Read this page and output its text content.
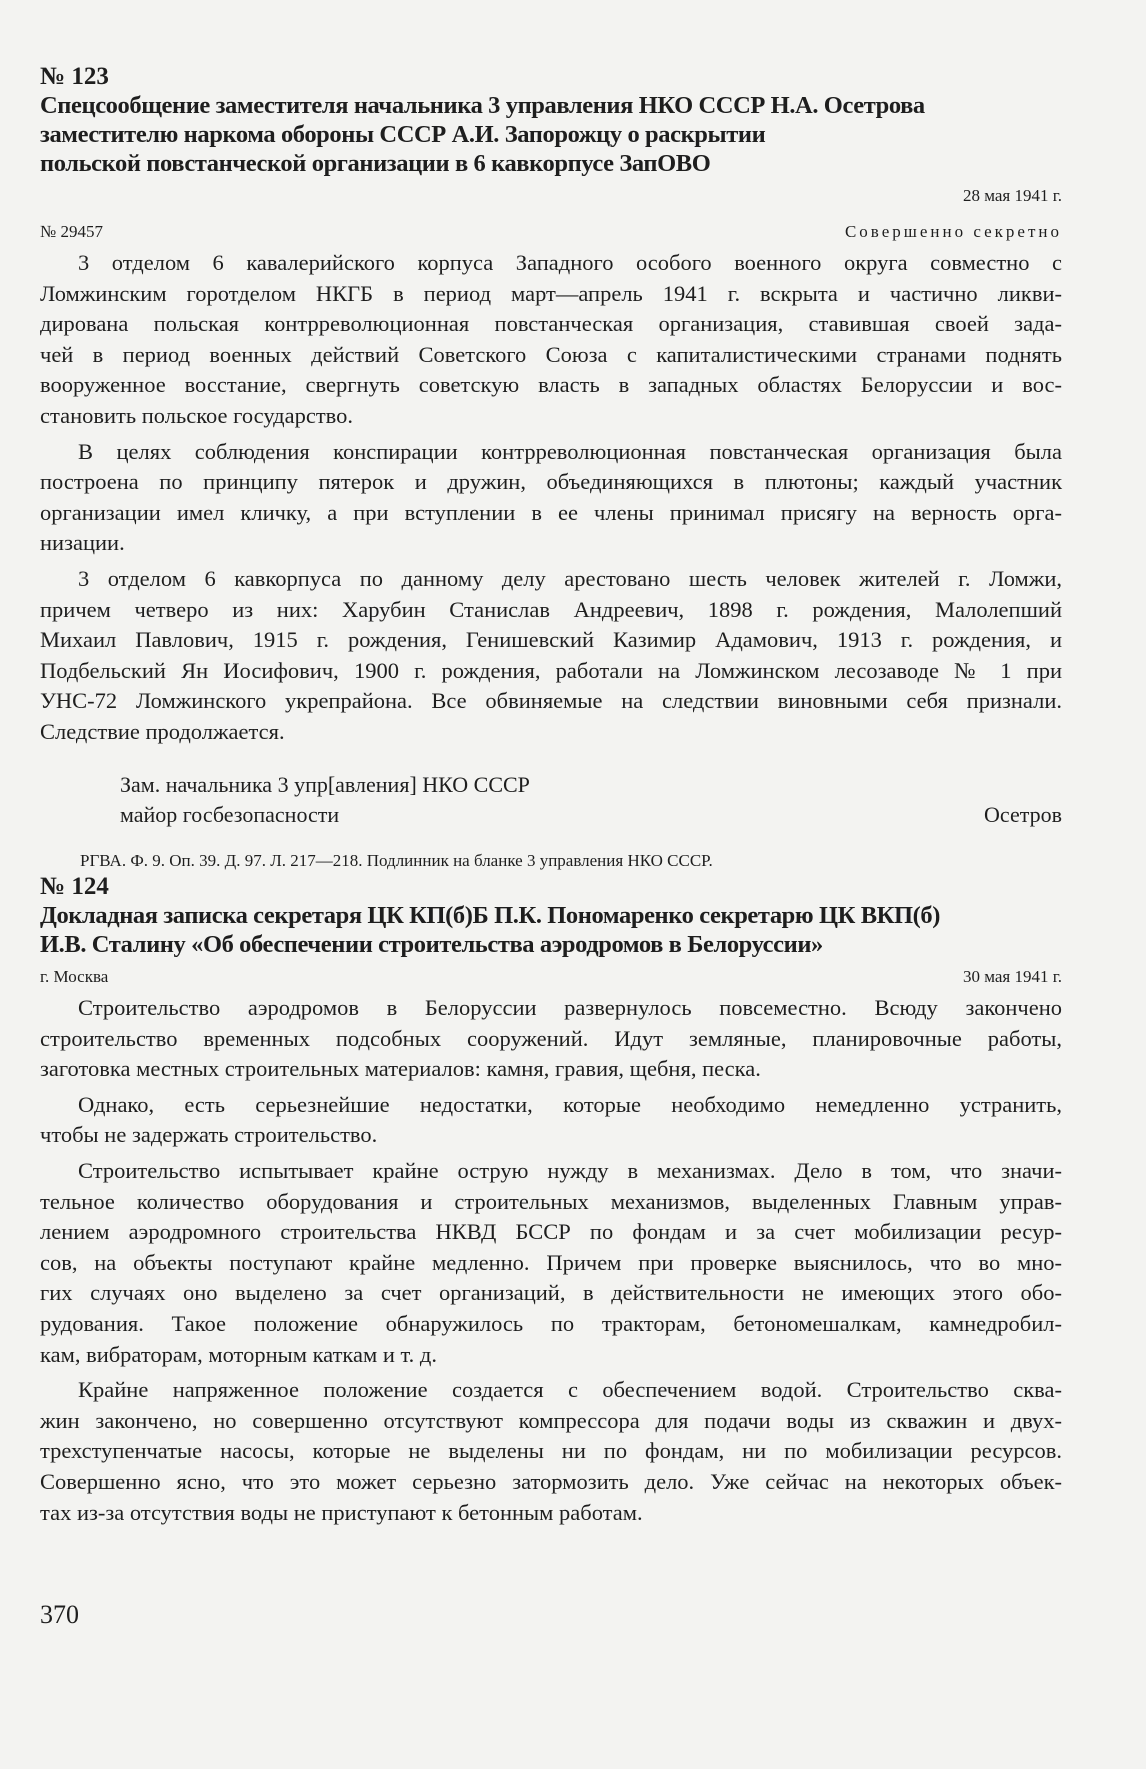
№ 123
Спецсообщение заместителя начальника 3 управления НКО СССР Н.А. Осетрова
заместителю наркома обороны СССР А.И. Запорожцу о раскрытии
польской повстанческой организации в 6 кавкорпусе ЗапОВО
28 мая 1941 г.
№ 29457	Совершенно секретно
3 отделом 6 кавалерийского корпуса Западного особого военного округа совместно с
Ломжинским горотделом НКГБ в период март—апрель 1941 г. вскрыта и частично ликви-
дирована польская контрреволюционная повстанческая организация, ставившая своей зада-
чей в период военных действий Советского Союза с капиталистическими странами поднять
вооруженное восстание, свергнуть советскую власть в западных областях Белоруссии и вос-
становить польское государство.
В целях соблюдения конспирации контрреволюционная повстанческая организация была
построена по принципу пятерок и дружин, объединяющихся в плютоны; каждый участник
организации имел кличку, а при вступлении в ее члены принимал присягу на верность орга-
низации.
3 отделом 6 кавкорпуса по данному делу арестовано шесть человек жителей г. Ломжи,
причем четверо из них: Харубин Станислав Андреевич, 1898 г. рождения, Малолепший
Михаил Павлович, 1915 г. рождения, Генишевский Казимир Адамович, 1913 г. рождения, и
Подбельский Ян Иосифович, 1900 г. рождения, работали на Ломжинском лесозаводе № 1 при
УНС-72 Ломжинского укрепрайона. Все обвиняемые на следствии виновными себя признали.
Следствие продолжается.
Зам. начальника 3 упр[авления] НКО СССР
майор госбезопасности	Осетров
РГВА. Ф. 9. Оп. 39. Д. 97. Л. 217—218. Подлинник на бланке 3 управления НКО СССР.
№ 124
Докладная записка секретаря ЦК КП(б)Б П.К. Пономаренко секретарю ЦК ВКП(б)
И.В. Сталину «Об обеспечении строительства аэродромов в Белоруссии»
г. Москва	30 мая 1941 г.
Строительство аэродромов в Белоруссии развернулось повсеместно. Всюду закончено
строительство временных подсобных сооружений. Идут земляные, планировочные работы,
заготовка местных строительных материалов: камня, гравия, щебня, песка.
Однако, есть серьезнейшие недостатки, которые необходимо немедленно устранить,
чтобы не задержать строительство.
Строительство испытывает крайне острую нужду в механизмах. Дело в том, что значи-
тельное количество оборудования и строительных механизмов, выделенных Главным управ-
лением аэродромного строительства НКВД БССР по фондам и за счет мобилизации ресур-
сов, на объекты поступают крайне медленно. Причем при проверке выяснилось, что во мно-
гих случаях оно выделено за счет организаций, в действительности не имеющих этого обо-
рудования. Такое положение обнаружилось по тракторам, бетономешалкам, камнедробил-
кам, вибраторам, моторным каткам и т. д.
Крайне напряженное положение создается с обеспечением водой. Строительство сква-
жин закончено, но совершенно отсутствуют компрессора для подачи воды из скважин и двух-
трехступенчатые насосы, которые не выделены ни по фондам, ни по мобилизации ресурсов.
Совершенно ясно, что это может серьезно затормозить дело. Уже сейчас на некоторых объек-
тах из-за отсутствия воды не приступают к бетонным работам.
370
